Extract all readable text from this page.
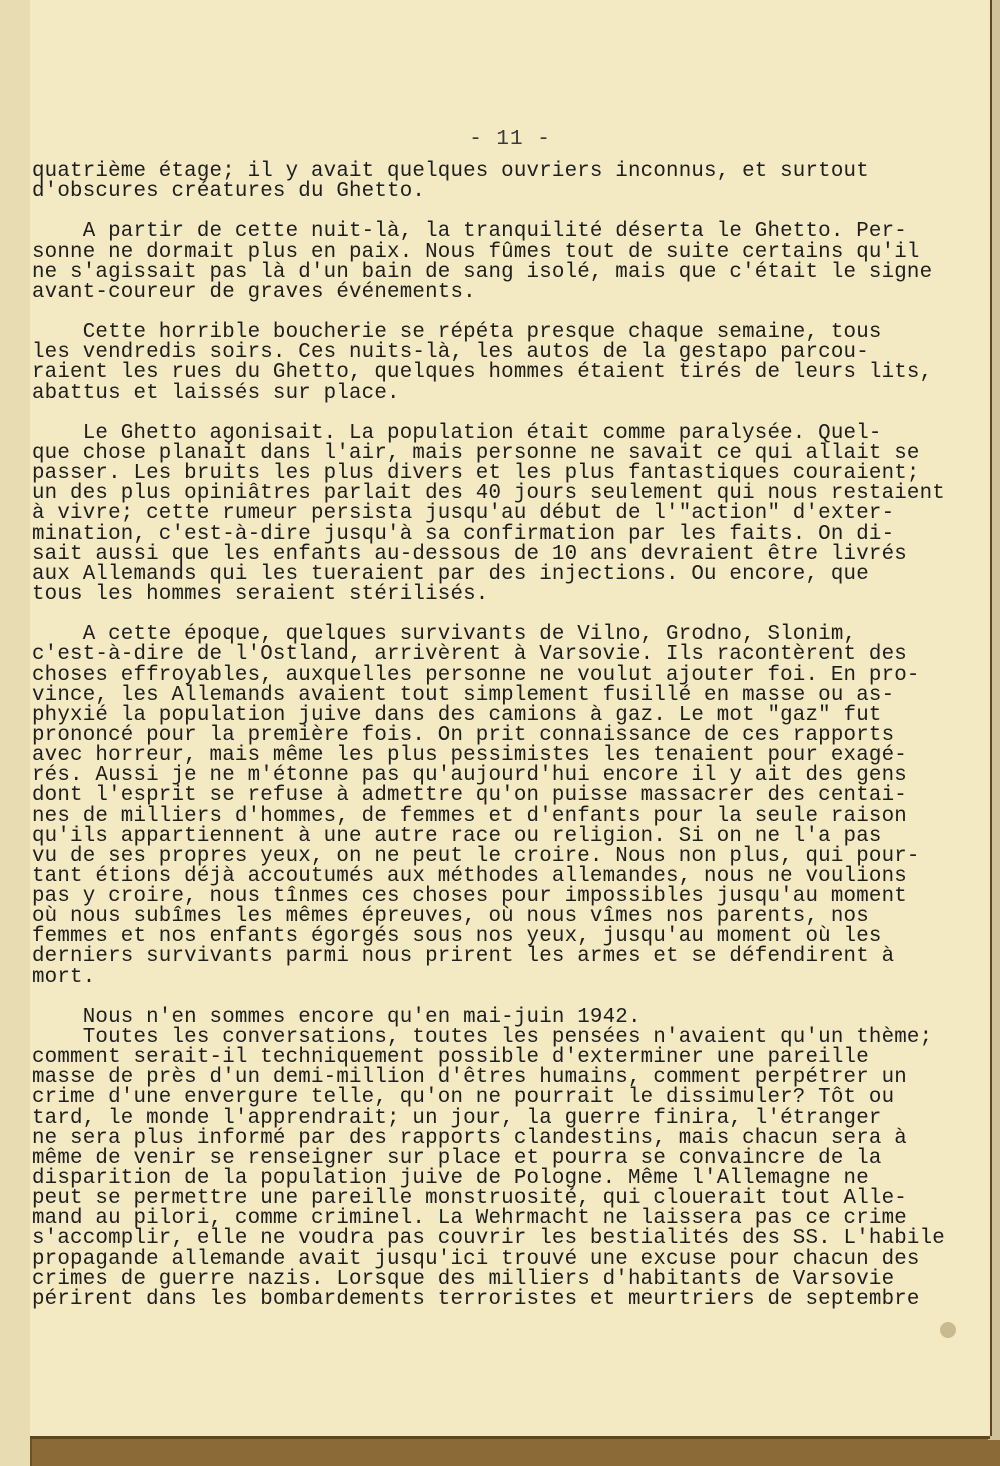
- 11 -
quatrième étage; il y avait quelques ouvriers inconnus, et surtout
d'obscures créatures du Ghetto.
A partir de cette nuit-là, la tranquilité déserta le Ghetto. Per-
sonne ne dormait plus en paix. Nous fûmes tout de suite certains qu'il
ne s'agissait pas là d'un bain de sang isolé, mais que c'était le signe
avant-coureur de graves événements.
Cette horrible boucherie se répéta presque chaque semaine, tous
les vendredis soirs. Ces nuits-là, les autos de la gestapo parcou-
raient les rues du Ghetto, quelques hommes étaient tirés de leurs lits,
abattus et laissés sur place.
Le Ghetto agonisait. La population était comme paralysée. Quel-
que chose planait dans l'air, mais personne ne savait ce qui allait se
passer. Les bruits les plus divers et les plus fantastiques couraient;
un des plus opiniâtres parlait des 40 jours seulement qui nous restaient
à vivre; cette rumeur persista jusqu'au début de l'"action" d'exter-
mination, c'est-à-dire jusqu'à sa confirmation par les faits. On di-
sait aussi que les enfants au-dessous de 10 ans devraient être livrés
aux Allemands qui les tueraient par des injections. Ou encore, que
tous les hommes seraient stérilisés.
A cette époque, quelques survivants de Vilno, Grodno, Slonim,
c'est-à-dire de l'Ostland, arrivèrent à Varsovie. Ils racontèrent des
choses effroyables, auxquelles personne ne voulut ajouter foi. En pro-
vince, les Allemands avaient tout simplement fusillé en masse ou as-
phyxié la population juive dans des camions à gaz. Le mot "gaz" fut
prononcé pour la première fois. On prit connaissance de ces rapports
avec horreur, mais même les plus pessimistes les tenaient pour exagé-
rés. Aussi je ne m'étonne pas qu'aujourd'hui encore il y ait des gens
dont l'esprit se refuse à admettre qu'on puisse massacrer des centai-
nes de milliers d'hommes, de femmes et d'enfants pour la seule raison
qu'ils appartiennent à une autre race ou religion. Si on ne l'a pas
vu de ses propres yeux, on ne peut le croire. Nous non plus, qui pour-
tant étions déjà accoutumés aux méthodes allemandes, nous ne voulions
pas y croire, nous tînmes ces choses pour impossibles jusqu'au moment
où nous subîmes les mêmes épreuves, où nous vîmes nos parents, nos
femmes et nos enfants égorgés sous nos yeux, jusqu'au moment où les
derniers survivants parmi nous prirent les armes et se défendirent à
mort.
Nous n'en sommes encore qu'en mai-juin 1942.
Toutes les conversations, toutes les pensées n'avaient qu'un thème;
comment serait-il techniquement possible d'exterminer une pareille
masse de près d'un demi-million d'êtres humains, comment perpétrer un
crime d'une envergure telle, qu'on ne pourrait le dissimuler? Tôt ou
tard, le monde l'apprendrait; un jour, la guerre finira, l'étranger
ne sera plus informé par des rapports clandestins, mais chacun sera à
même de venir se renseigner sur place et pourra se convaincre de la
disparition de la population juive de Pologne. Même l'Allemagne ne
peut se permettre une pareille monstruosité, qui clouerait tout Alle-
mand au pilori, comme criminel. La Wehrmacht ne laissera pas ce crime
s'accomplir, elle ne voudra pas couvrir les bestialités des SS. L'habile
propagande allemande avait jusqu'ici trouvé une excuse pour chacun des
crimes de guerre nazis. Lorsque des milliers d'habitants de Varsovie
périrent dans les bombardements terroristes et meurtriers de septembre
